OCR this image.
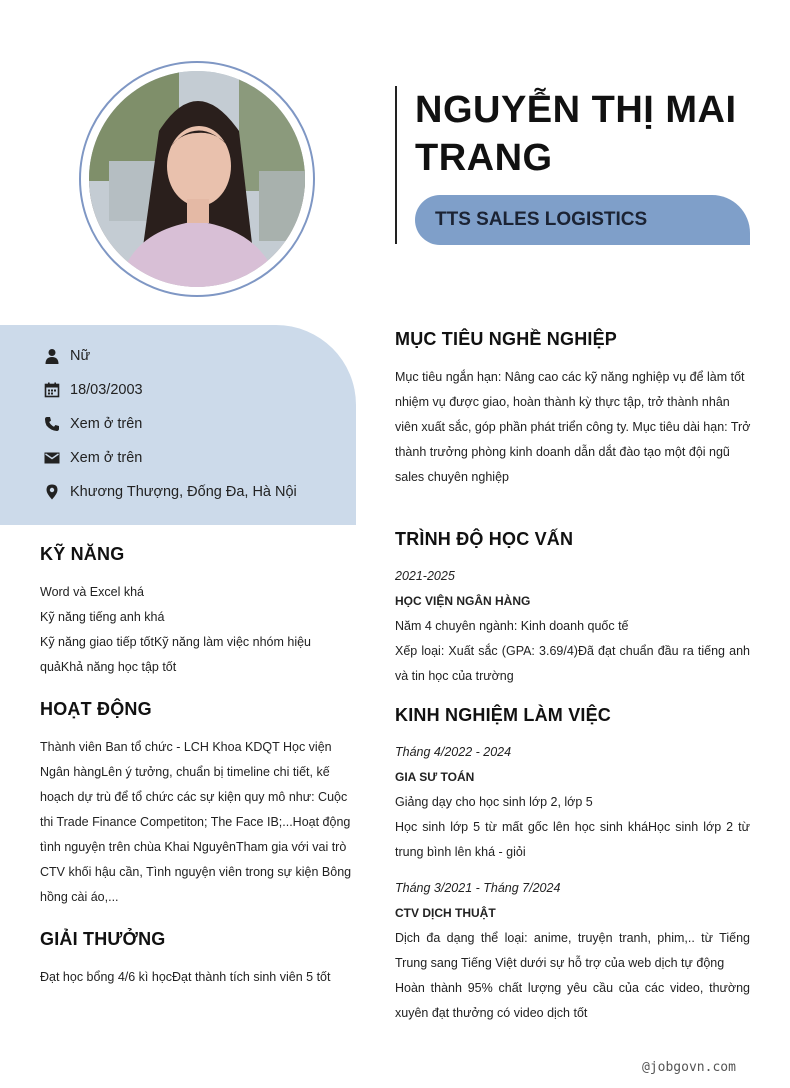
NGUYỄN THỊ MAI TRANG
TTS SALES LOGISTICS
Nữ
18/03/2003
Xem ở trên
Xem ở trên
Khương Thượng, Đống Đa, Hà Nội
KỸ NĂNG
Word và Excel khá
Kỹ năng tiếng anh khá
Kỹ năng giao tiếp tốtKỹ năng làm việc nhóm hiệu quảKhả năng học tập tốt
HOẠT ĐỘNG

Thành viên Ban tổ chức - LCH Khoa KDQT Học viện Ngân hàngLên ý tưởng, chuẩn bị timeline chi tiết, kế hoạch dự trù để tổ chức các sự kiện quy mô như: Cuộc thi Trade Finance Competiton; The Face IB;...Hoạt động tình nguyện trên chùa Khai NguyênTham gia với vai trò CTV khối hậu cần, Tình nguyện viên trong sự kiện Bông hồng cài áo,...

GIẢI THƯỞNG

Đạt học bổng 4/6 kì họcĐạt thành tích sinh viên 5 tốt

MỤC TIÊU NGHỀ NGHIỆP

Mục tiêu ngắn hạn: Nâng cao các kỹ năng nghiệp vụ để làm tốt nhiệm vụ được giao, hoàn thành kỳ thực tập, trở thành nhân viên xuất sắc, góp phần phát triển công ty. Mục tiêu dài hạn: Trở thành trưởng phòng kinh doanh dẫn dắt đào tạo một đội ngũ sales chuyên nghiệp

TRÌNH ĐỘ HỌC VẤN
2021-2025
HỌC VIỆN NGÂN HÀNG
Năm 4 chuyên ngành: Kinh doanh quốc tế
Xếp loại: Xuất sắc (GPA: 3.69/4)Đã đạt chuẩn đầu ra tiếng anh và tin học của trường
KINH NGHIỆM LÀM VIỆC
Tháng 4/2022 - 2024
GIA SƯ TOÁN
Giảng dạy cho học sinh lớp 2, lớp 5
Học sinh lớp 5 từ mất gốc lên học sinh kháHọc sinh lớp 2 từ trung bình lên khá - giỏi
Tháng 3/2021 - Tháng 7/2024
CTV DỊCH THUẬT
Dịch đa dạng thể loại: anime, truyện tranh, phim,.. từ Tiếng Trung sang Tiếng Việt dưới sự hỗ trợ của web dịch tự động
Hoàn thành 95% chất lượng yêu cầu của các video, thường xuyên đạt thưởng có video dịch tốt
@jobgovn.com
